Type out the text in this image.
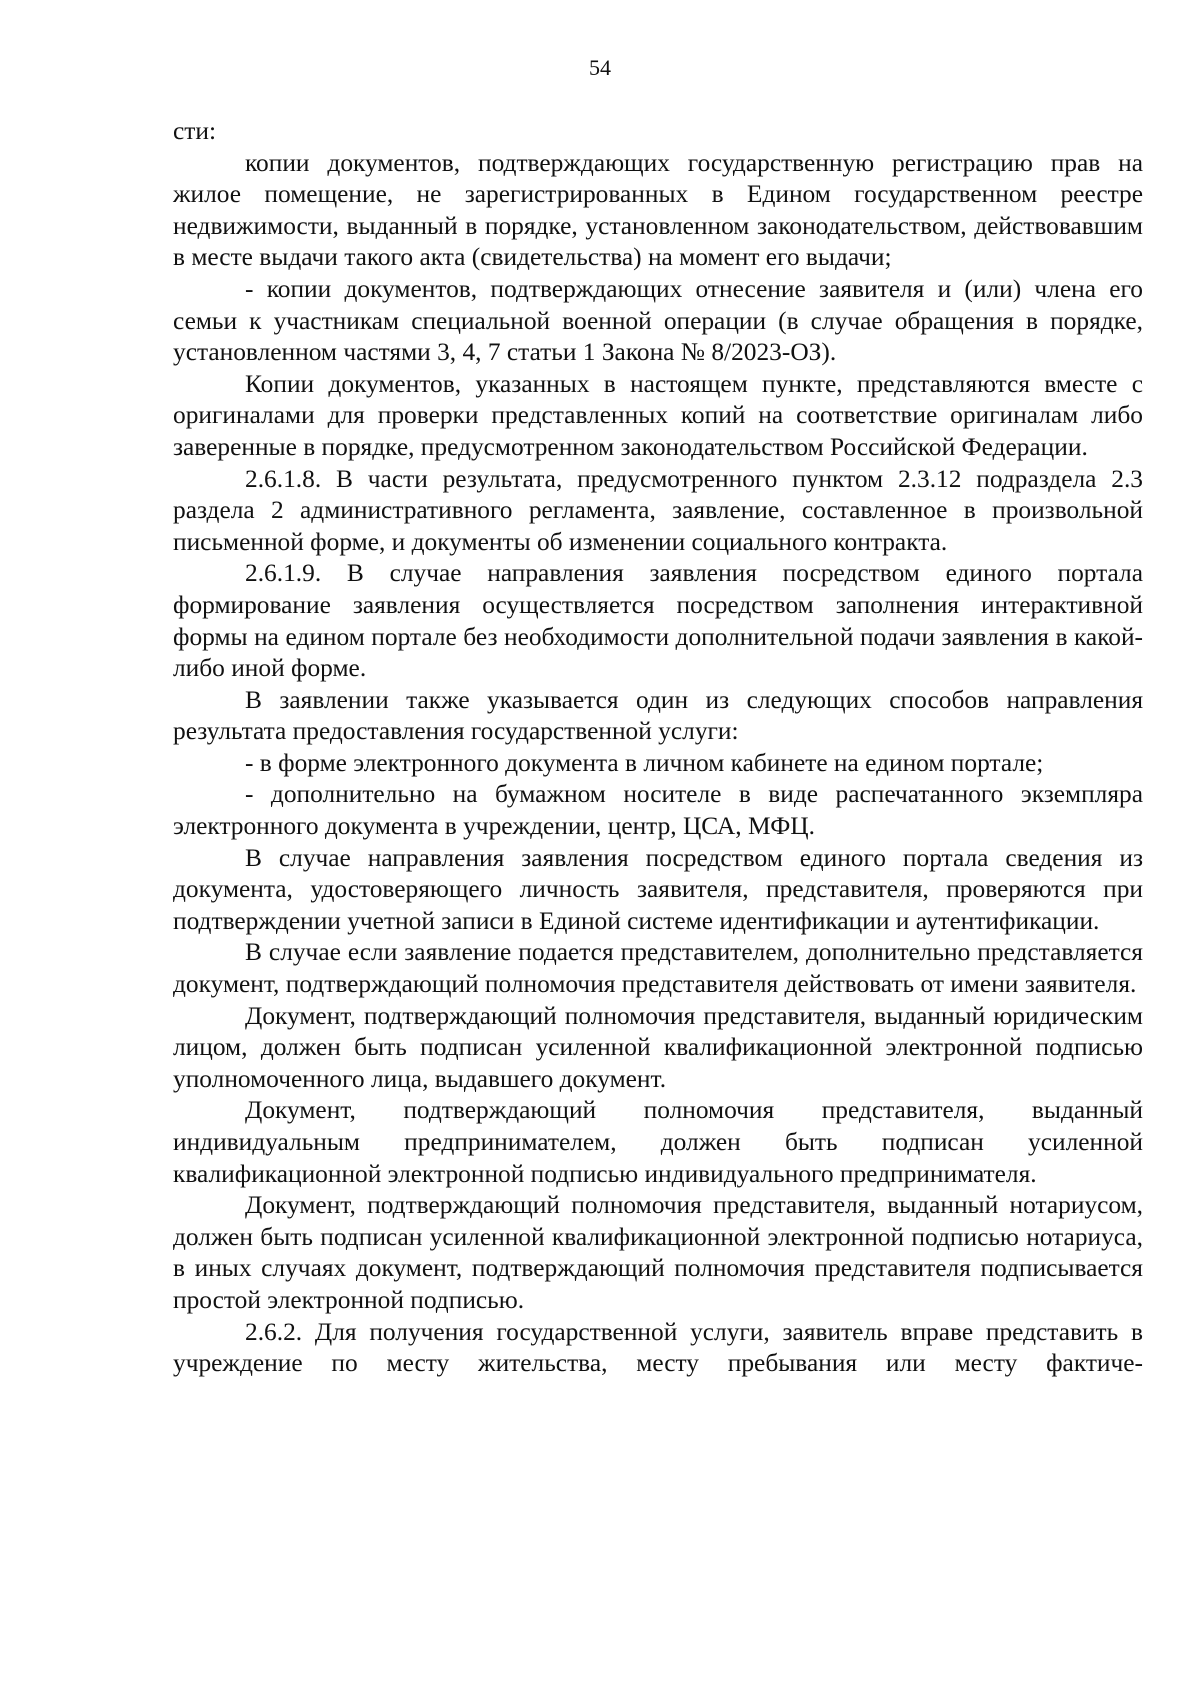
54

сти:

копии документов, подтверждающих государственную регистрацию прав на жилое помещение, не зарегистрированных в Едином государственном реестре недвижимости, выданный в порядке, установленном законодательством, действовавшим в месте выдачи такого акта (свидетельства) на момент его выдачи;

- копии документов, подтверждающих отнесение заявителя и (или) члена его семьи к участникам специальной военной операции (в случае обращения в порядке, установленном частями 3, 4, 7 статьи 1 Закона № 8/2023-ОЗ).

Копии документов, указанных в настоящем пункте, представляются вместе с оригиналами для проверки представленных копий на соответствие оригиналам либо заверенные в порядке, предусмотренном законодательством Российской Федерации.

2.6.1.8. В части результата, предусмотренного пунктом 2.3.12 подраздела 2.3 раздела 2 административного регламента, заявление, составленное в произвольной письменной форме, и документы об изменении социального контракта.

2.6.1.9. В случае направления заявления посредством единого портала формирование заявления осуществляется посредством заполнения интерактивной формы на едином портале без необходимости дополнительной подачи заявления в какой-либо иной форме.

В заявлении также указывается один из следующих способов направления результата предоставления государственной услуги:

- в форме электронного документа в личном кабинете на едином портале;

- дополнительно на бумажном носителе в виде распечатанного экземпляра электронного документа в учреждении, центр, ЦСА, МФЦ.

В случае направления заявления посредством единого портала сведения из документа, удостоверяющего личность заявителя, представителя, проверяются при подтверждении учетной записи в Единой системе идентификации и аутентификации.

В случае если заявление подается представителем, дополнительно представляется документ, подтверждающий полномочия представителя действовать от имени заявителя.

Документ, подтверждающий полномочия представителя, выданный юридическим лицом, должен быть подписан усиленной квалификационной электронной подписью уполномоченного лица, выдавшего документ.

Документ, подтверждающий полномочия представителя, выданный индивидуальным предпринимателем, должен быть подписан усиленной квалификационной электронной подписью индивидуального предпринимателя.

Документ, подтверждающий полномочия представителя, выданный нотариусом, должен быть подписан усиленной квалификационной электронной подписью нотариуса, в иных случаях документ, подтверждающий полномочия представителя подписывается простой электронной подписью.

2.6.2. Для получения государственной услуги, заявитель вправе представить в учреждение по месту жительства, месту пребывания или месту фактиче-
